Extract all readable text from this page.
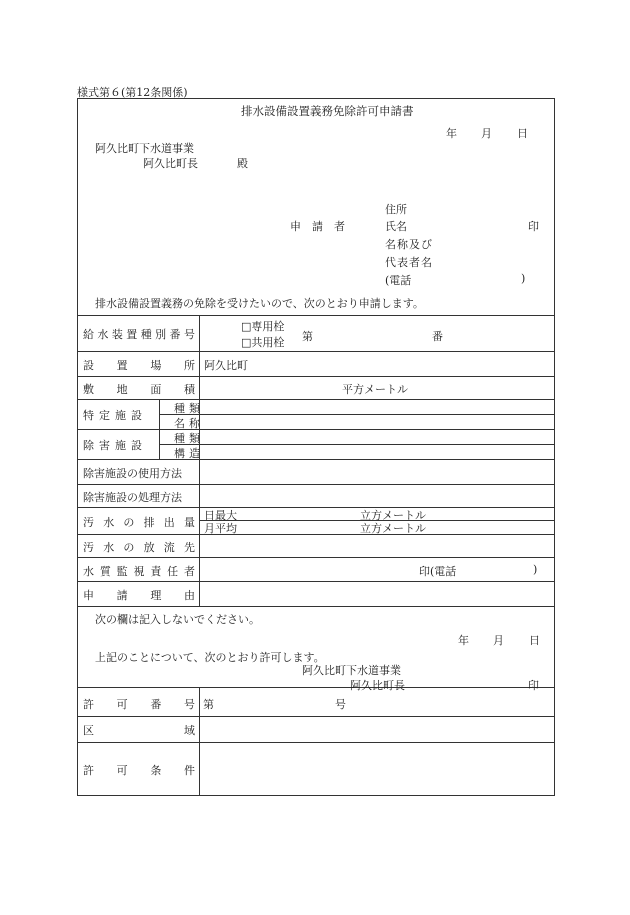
様式第６(第12条関係)
排水設備設置義務免除許可申請書
年 月 日
阿久比町下水道事業
阿久比町長	殿
住所
申　請　者	氏名	印
名称及び
代表者名
(電話	)
排水設備設置義務の免除を受けたいので、次のとおり申請します。
給 水 装 置 種 別 番 号
□ 専用栓
□ 共用栓 第	番
設 置 場 所 阿久比町
敷 地 面 積	平方メートル
特定施設
種類
名称
除害施設
種類
構造
除害施設の使用方法
除害施設の処理方法
汚 水 の 排 出 量
日最大	立方メートル
月平均	立方メートル
汚 水 の 放 流 先
水 質 監 視 責 任 者	印(電話	)
申 請 理 由
次の欄は記入しないでください。
年 月 日
上記のことについて、次のとおり許可します。
阿久比町下水道事業
阿久比町長	印
許 可 番 号 第	号
区	域
許 可 条 件
